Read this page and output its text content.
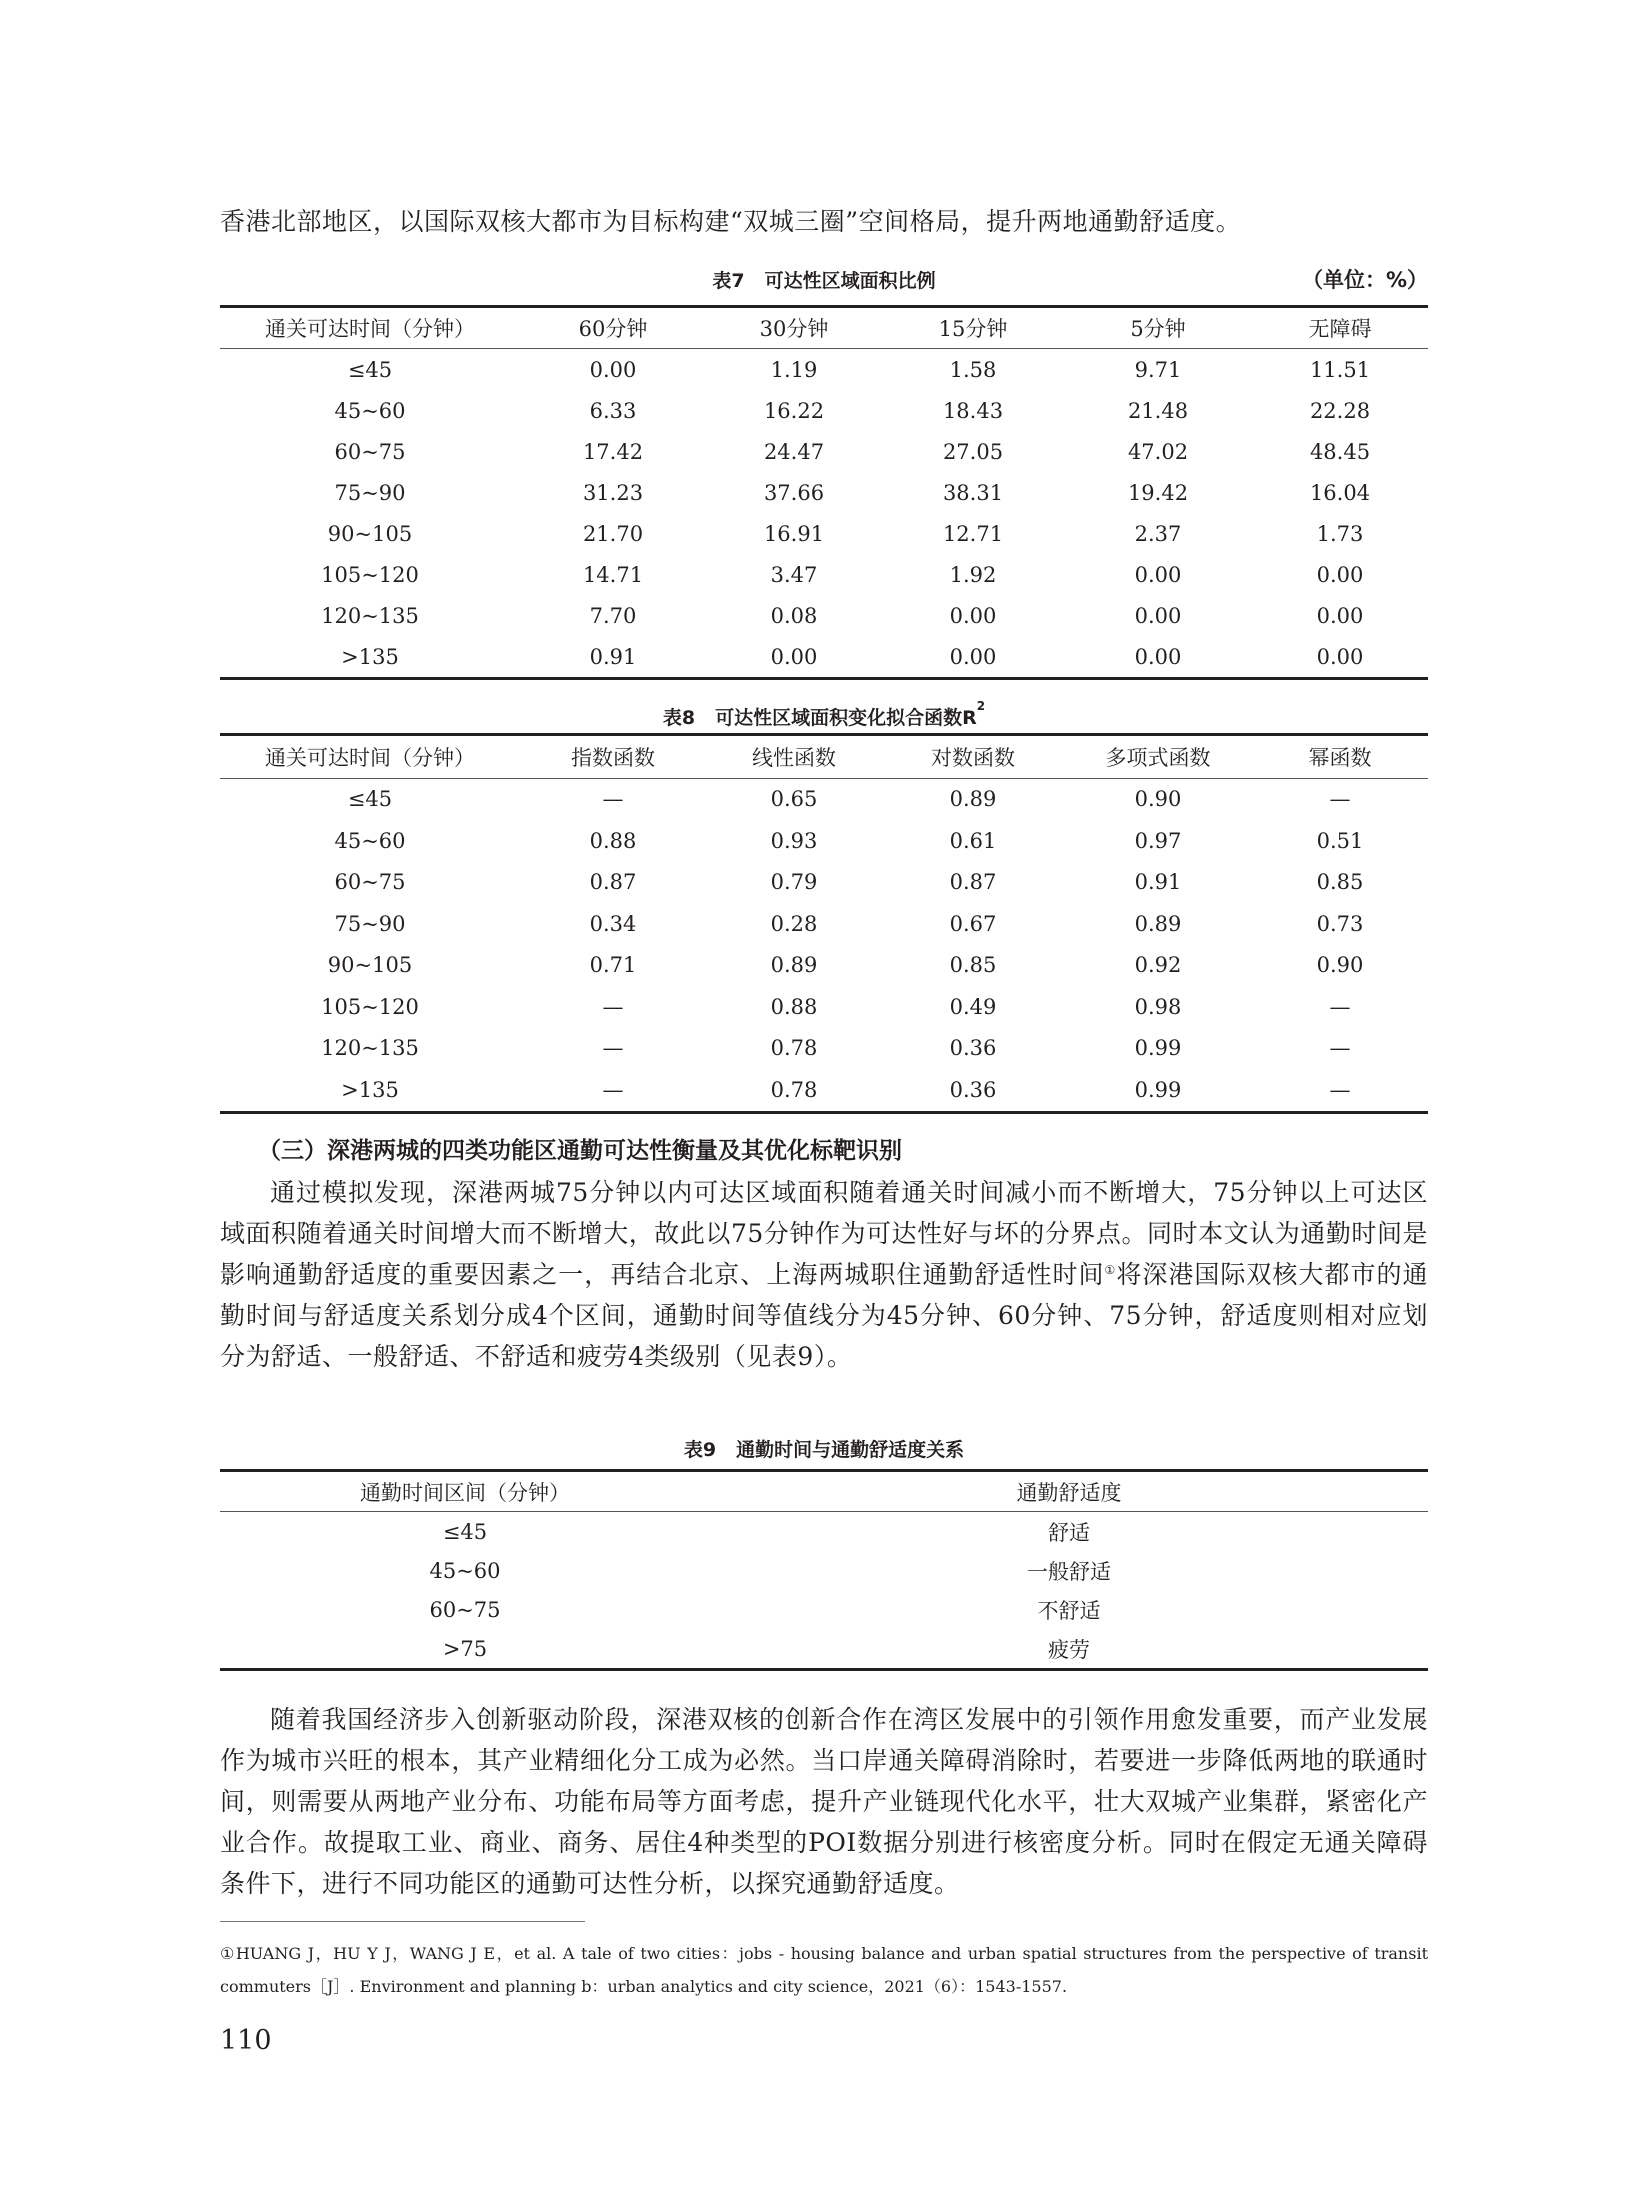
香港北部地区，以国际双核大都市为目标构建“双城三圈”空间格局，提升两地通勤舒适度。
表7 可达性区域面积比例	（单位：%）
通关可达时间（分钟）	60分钟	30分钟	15分钟	5分钟	无障碍
≤45	0.00	1.19	1.58	9.71	11.51
45~60	6.33	16.22	18.43	21.48	22.28
60~75	17.42	24.47	27.05	47.02	48.45
75~90	31.23	37.66	38.31	19.42	16.04
90~105	21.70	16.91	12.71	2.37	1.73
105~120	14.71	3.47	1.92	0.00	0.00
120~135	7.70	0.08	0.00	0.00	0.00
>135	0.91	0.00	0.00	0.00	0.00
表8 可达性区域面积变化拟合函数$R^2$
通关可达时间（分钟）	指数函数	线性函数	对数函数	多项式函数	幂函数
≤45	—	0.65	0.89	0.90	—
45~60	0.88	0.93	0.61	0.97	0.51
60~75	0.87	0.79	0.87	0.91	0.85
75~90	0.34	0.28	0.67	0.89	0.73
90~105	0.71	0.89	0.85	0.92	0.90
105~120	—	0.88	0.49	0.98	—
120~135	—	0.78	0.36	0.99	—
>135	—	0.78	0.36	0.99	—
（三）深港两城的四类功能区通勤可达性衡量及其优化标靶识别
通过模拟发现，深港两城75分钟以内可达区域面积随着通关时间减小而不断增大，75分钟以上可达区域面积随着通关时间增大而不断增大，故此以75分钟作为可达性好与坏的分界点。同时本文认为通勤时间是影响通勤舒适度的重要因素之一，再结合北京、上海两城职住通勤舒适性时间①将深港国际双核大都市的通勤时间与舒适度关系划分成4个区间，通勤时间等值线分为45分钟、60分钟、75分钟，舒适度则相对应划分为舒适、一般舒适、不舒适和疲劳4类级别（见表9）。
表9 通勤时间与通勤舒适度关系
通勤时间区间（分钟）	通勤舒适度
≤45	舒适
45~60	一般舒适
60~75	不舒适
>75	疲劳
随着我国经济步入创新驱动阶段，深港双核的创新合作在湾区发展中的引领作用愈发重要，而产业发展作为城市兴旺的根本，其产业精细化分工成为必然。当口岸通关障碍消除时，若要进一步降低两地的联通时间，则需要从两地产业分布、功能布局等方面考虑，提升产业链现代化水平，壮大双城产业集群，紧密化产业合作。故提取工业、商业、商务、居住4种类型的POI数据分别进行核密度分析。同时在假定无通关障碍条件下，进行不同功能区的通勤可达性分析，以探究通勤舒适度。
①HUANG J，HU Y J，WANG J E，et al. A tale of two cities：jobs - housing balance and urban spatial structures from the perspective of transit commuters［J］. Environment and planning b：urban analytics and city science，2021（6）：1543-1557.
110
